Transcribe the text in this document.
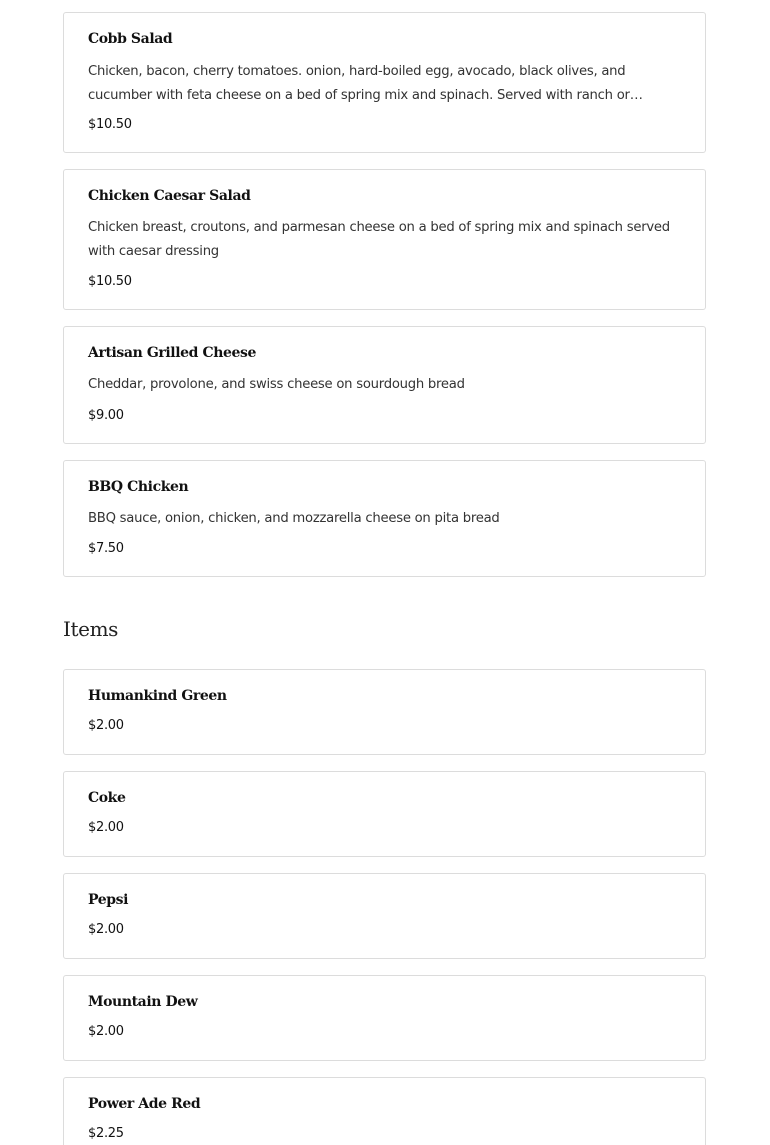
Cobb Salad
Chicken, bacon, cherry tomatoes. onion, hard-boiled egg, avocado, black olives, and cucumber with feta cheese on a bed of spring mix and spinach. Served with ranch or
$10.50
Chicken Caesar Salad
Chicken breast, croutons, and parmesan cheese on a bed of spring mix and spinach served with caesar dressing
$10.50
Artisan Grilled Cheese
Cheddar, provolone, and swiss cheese on sourdough bread
$9.00
BBQ Chicken
BBQ sauce, onion, chicken, and mozzarella cheese on pita bread
$7.50
Items
Humankind Green
$2.00
Coke
$2.00
Pepsi
$2.00
Mountain Dew
$2.00
Power Ade Red
$2.25
